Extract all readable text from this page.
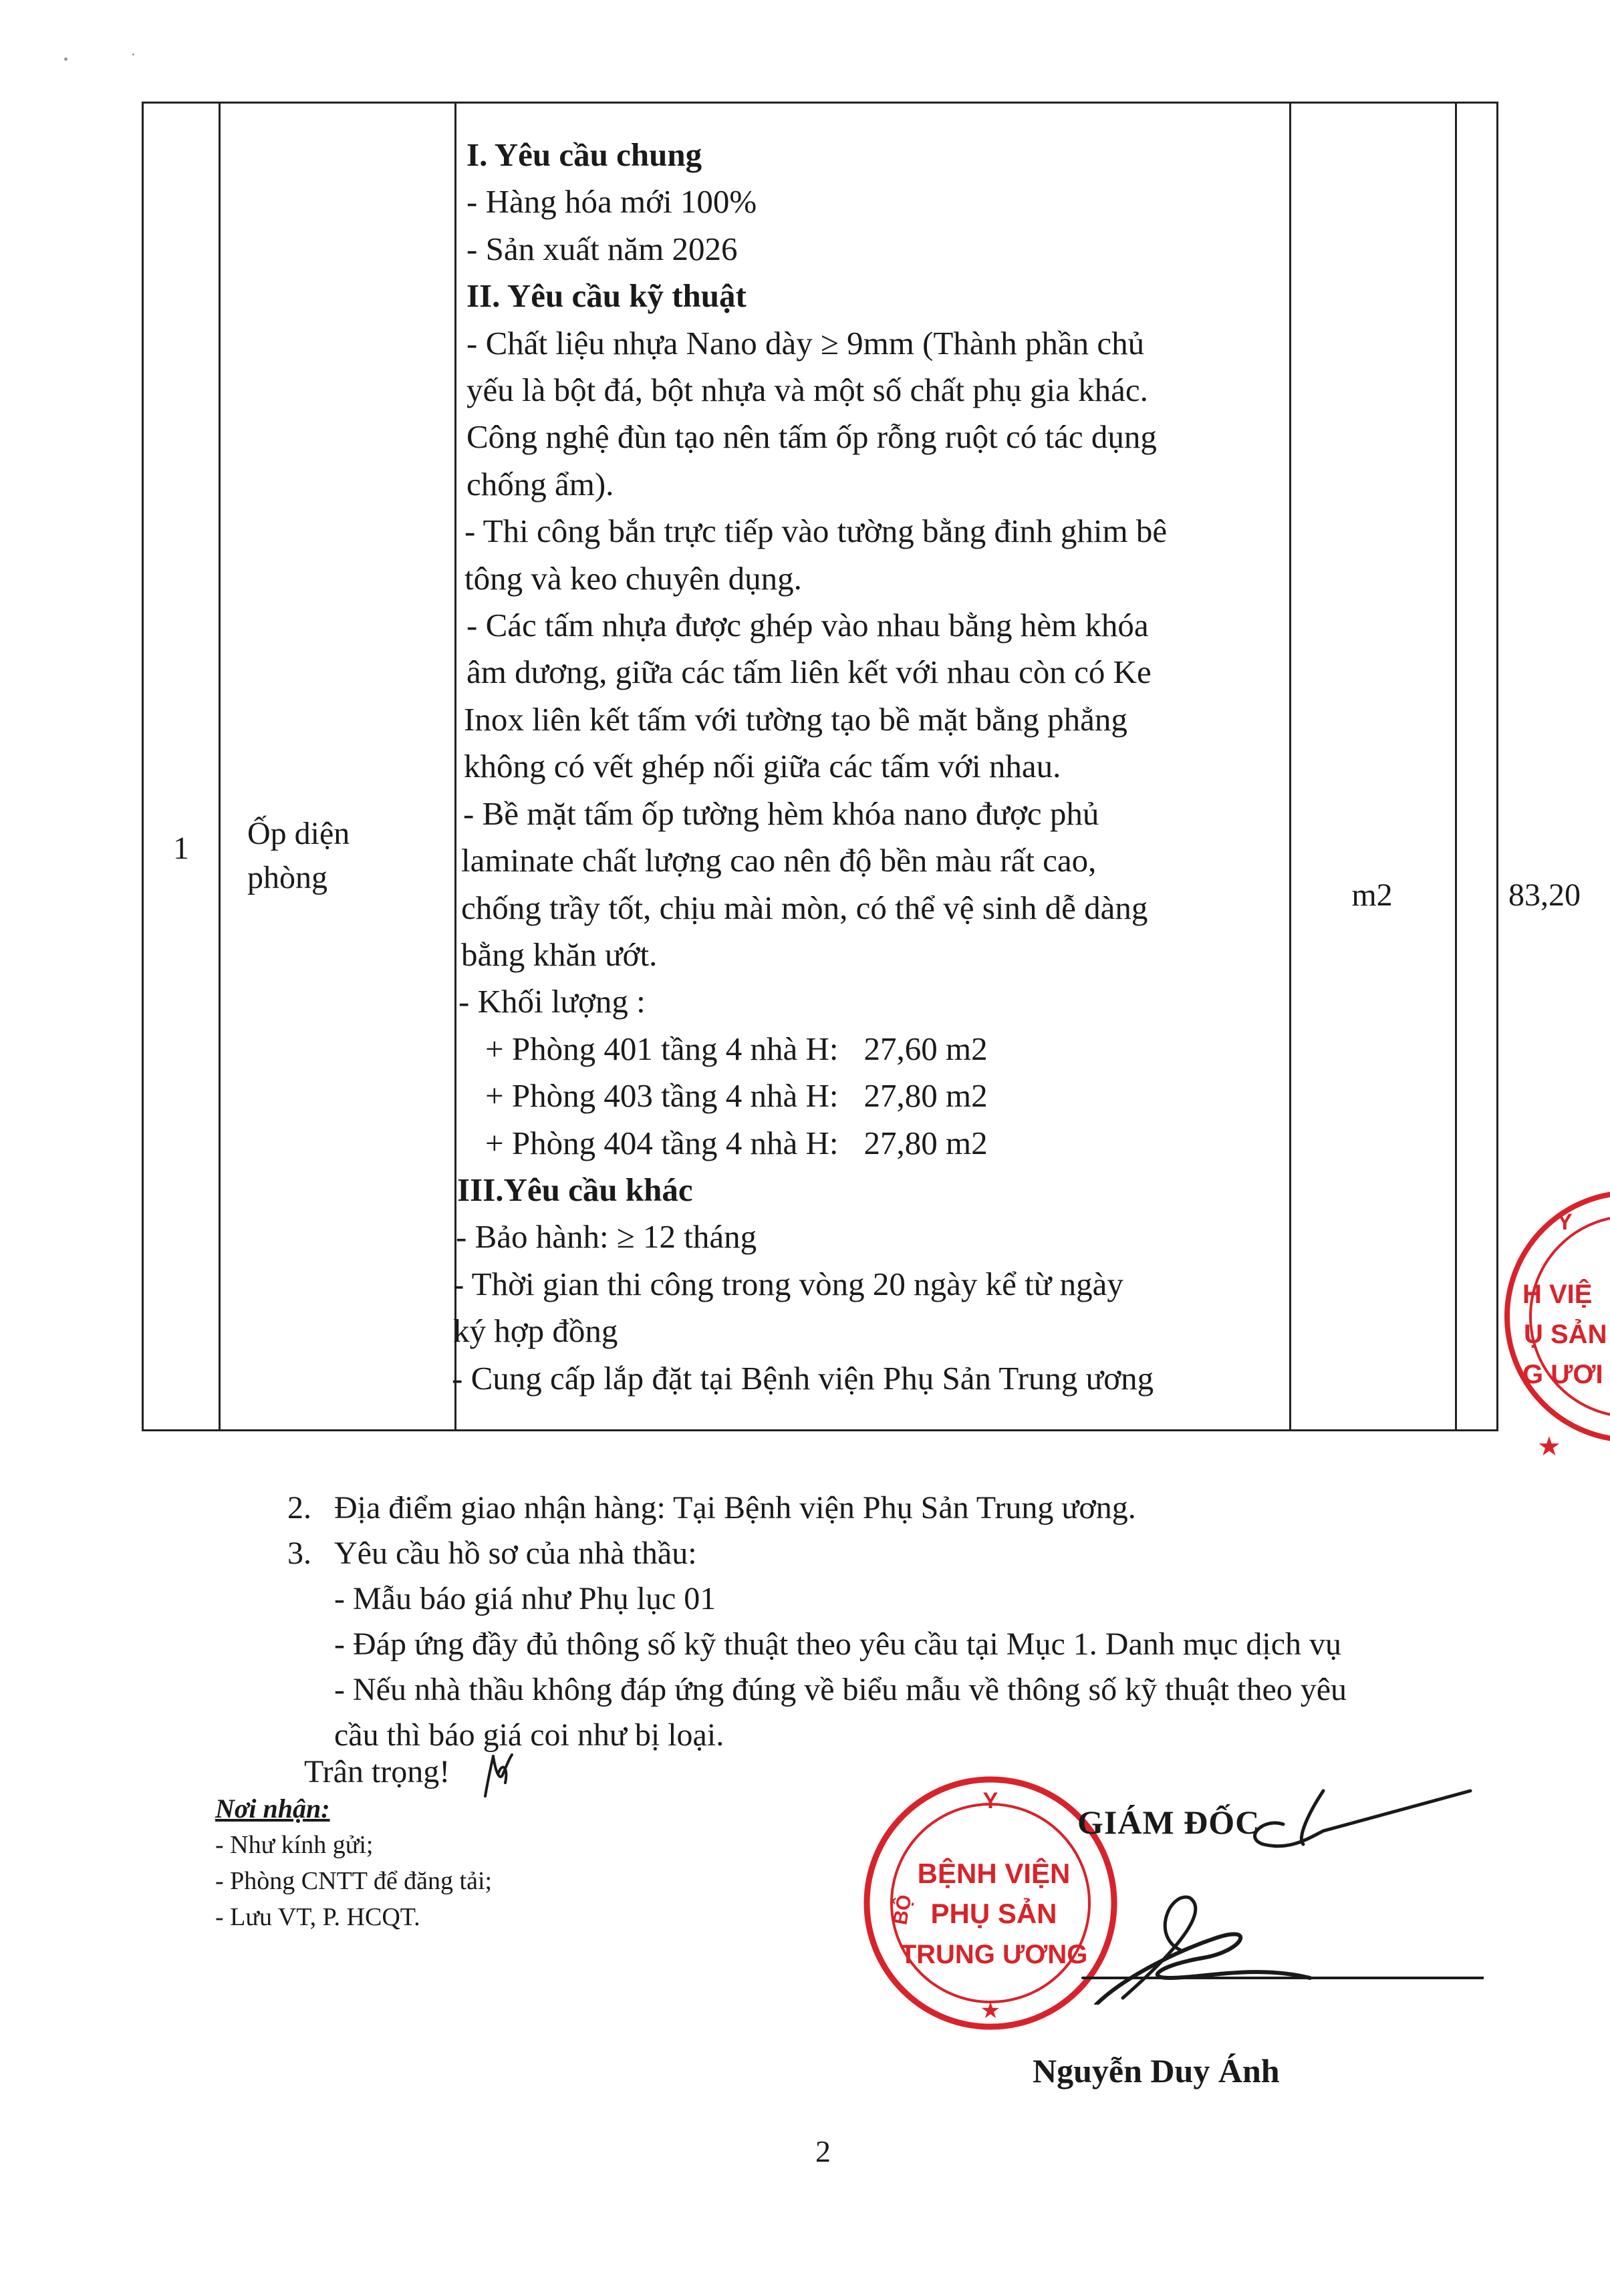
1	Ốp diện
phòng
I. Yêu cầu chung
- Hàng hóa mới 100%
- Sản xuất năm 2026
II. Yêu cầu kỹ thuật
- Chất liệu nhựa Nano dày ≥ 9mm (Thành phần chủ
yếu là bột đá, bột nhựa và một số chất phụ gia khác.
Công nghệ đùn tạo nên tấm ốp rỗng ruột có tác dụng
chống ẩm).
- Thi công bắn trực tiếp vào tường bằng đinh ghim bê
tông và keo chuyên dụng.
- Các tấm nhựa được ghép vào nhau bằng hèm khóa
âm dương, giữa các tấm liên kết với nhau còn có Ke
Inox liên kết tấm với tường tạo bề mặt bằng phẳng
không có vết ghép nối giữa các tấm với nhau.
- Bề mặt tấm ốp tường hèm khóa nano được phủ
laminate chất lượng cao nên độ bền màu rất cao,
chống trầy tốt, chịu mài mòn, có thể vệ sinh dễ dàng
bằng khăn ướt.
- Khối lượng :
+ Phòng 401 tầng 4 nhà H: 27,60 m2
+ Phòng 403 tầng 4 nhà H: 27,80 m2
+ Phòng 404 tầng 4 nhà H: 27,80 m2
III.Yêu cầu khác
- Bảo hành: ≥ 12 tháng
- Thời gian thi công trong vòng 20 ngày kể từ ngày
ký hợp đồng
- Cung cấp lắp đặt tại Bệnh viện Phụ Sản Trung ương
m2	83,20
2. Địa điểm giao nhận hàng: Tại Bệnh viện Phụ Sản Trung ương.
3. Yêu cầu hồ sơ của nhà thầu:
- Mẫu báo giá như Phụ lục 01
- Đáp ứng đầy đủ thông số kỹ thuật theo yêu cầu tại Mục 1. Danh mục dịch vụ
- Nếu nhà thầu không đáp ứng đúng về biểu mẫu về thông số kỹ thuật theo yêu
cầu thì báo giá coi như bị loại.
Trân trọng!
Nơi nhận:
- Như kính gửi;
- Phòng CNTT để đăng tải;
- Lưu VT, P. HCQT.
Y
H VIỆ
Ụ SẢN
G ƯƠI
★
Y
BỘ
BỆNH VIỆN
PHỤ SẢN
TRUNG ƯƠNG
★
GIÁM ĐỐC
Nguyễn Duy Ánh
2
